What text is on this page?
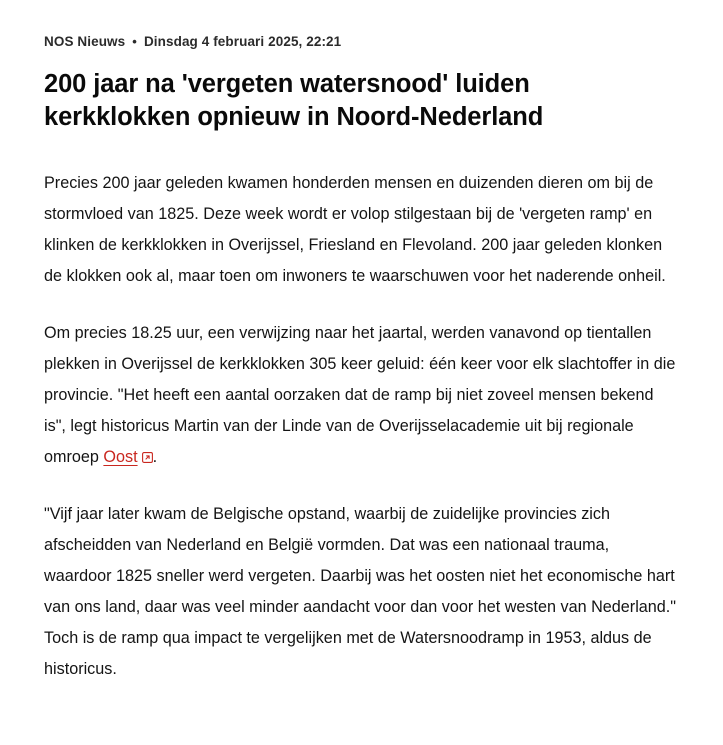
NOS Nieuws • Dinsdag 4 februari 2025, 22:21
200 jaar na 'vergeten watersnood' luiden kerkklokken opnieuw in Noord-Nederland

Precies 200 jaar geleden kwamen honderden mensen en duizenden dieren om bij de stormvloed van 1825. Deze week wordt er volop stilgestaan bij de 'vergeten ramp' en klinken de kerkklokken in Overijssel, Friesland en Flevoland. 200 jaar geleden klonken de klokken ook al, maar toen om inwoners te waarschuwen voor het naderende onheil.

Om precies 18.25 uur, een verwijzing naar het jaartal, werden vanavond op tientallen plekken in Overijssel de kerkklokken 305 keer geluid: één keer voor elk slachtoffer in die provincie. "Het heeft een aantal oorzaken dat de ramp bij niet zoveel mensen bekend is", legt historicus Martin van der Linde van de Overijsselacademie uit bij regionale omroep Oost .

"Vijf jaar later kwam de Belgische opstand, waarbij de zuidelijke provincies zich afscheidden van Nederland en België vormden. Dat was een nationaal trauma, waardoor 1825 sneller werd vergeten. Daarbij was het oosten niet het economische hart van ons land, daar was veel minder aandacht voor dan voor het westen van Nederland." Toch is de ramp qua impact te vergelijken met de Watersnoodramp in 1953, aldus de historicus.
